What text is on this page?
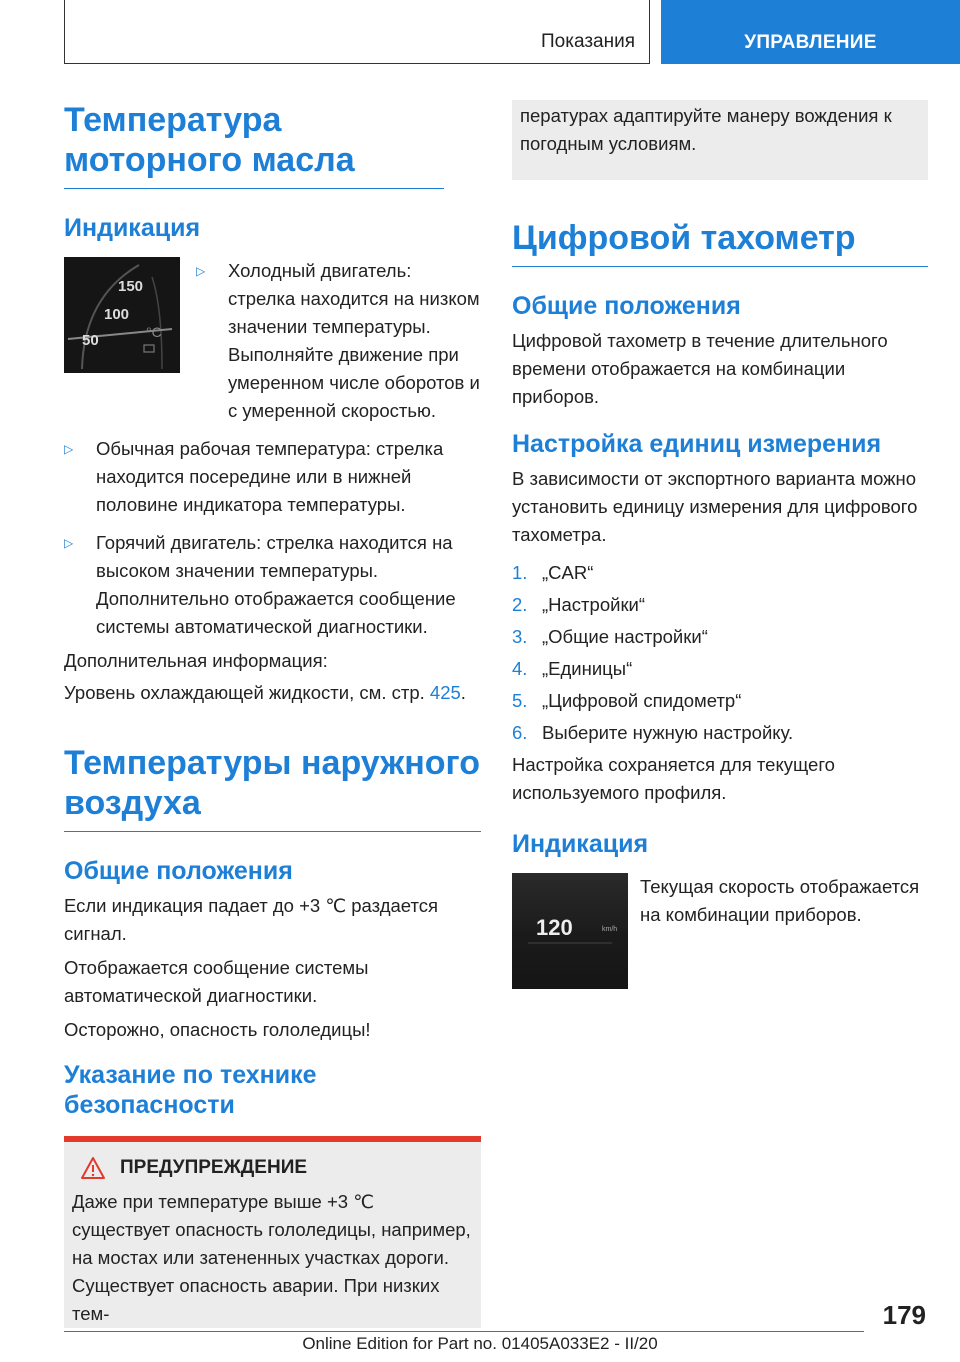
Показания	УПРАВЛЕНИЕ
Температура моторного масла
Индикация
150
100
50	°C
▷	Холодный двигатель: стрелка находится на низком значении температуры. Выполняйте движение при умеренном числе оборотов и с умеренной скоростью.
▷	Обычная рабочая температура: стрелка находится посередине или в нижней половине индикатора температуры.
▷	Горячий двигатель: стрелка находится на высоком значении температуры. Дополнительно отображается сообщение системы автоматической диагностики.

Дополнительная информация:

Уровень охлаждающей жидкости, см. стр. 425.

Температуры наружного воздуха
Общие положения

Если индикация падает до +3 ℃ раздается сигнал.

Отображается сообщение системы автоматической диагностики.

Осторожно, опасность гололедицы!

Указание по технике безопасности
ПРЕДУПРЕЖДЕНИЕ

Даже при температуре выше +3 ℃ существует опасность гололедицы, например, на мостах или затененных участках дороги. Существует опасность аварии. При низких тем-

пературах адаптируйте манеру вождения к погодным условиям.

Цифровой тахометр
Общие положения

Цифровой тахометр в течение длительного времени отображается на комбинации приборов.

Настройка единиц измерения

В зависимости от экспортного варианта можно установить единицу измерения для цифрового тахометра.

1. „CAR“
2. „Настройки“
3. „Общие настройки“
4. „Единицы“
5. „Цифровой спидометр“
6. Выберите нужную настройку.

Настройка сохраняется для текущего используемого профиля.

Индикация
120	km/h

Текущая скорость отображается на комбинации приборов.

179
Online Edition for Part no. 01405A033E2 - II/20
